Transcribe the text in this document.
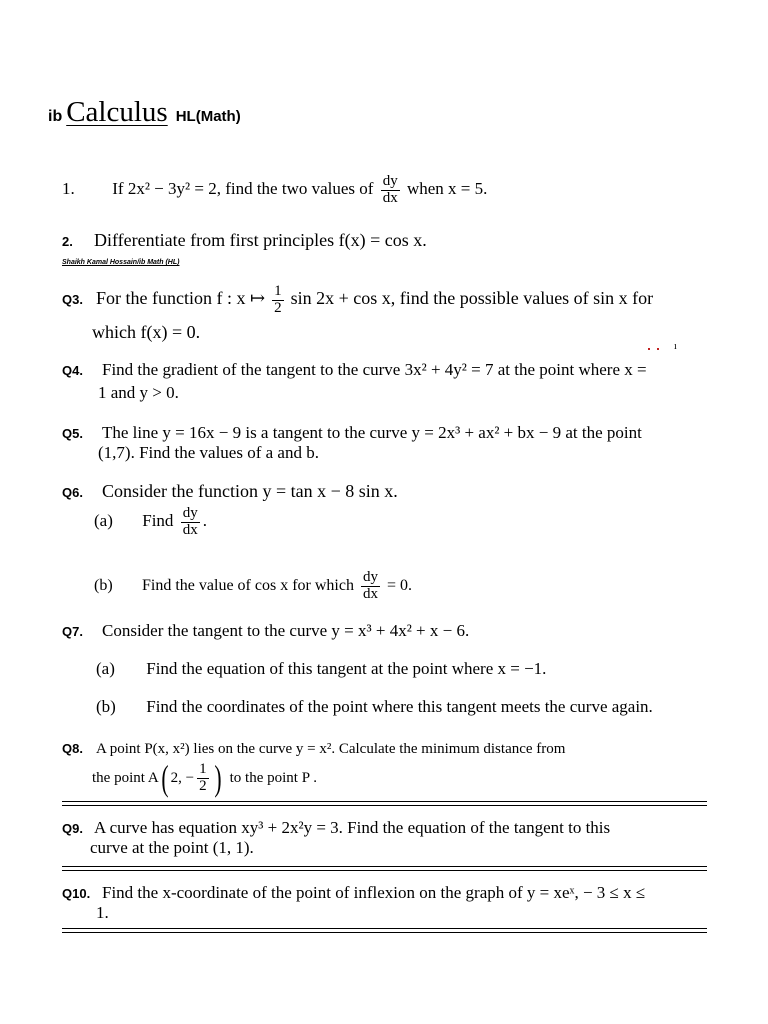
ib Calculus HL(Math)
1. If 2x² − 3y² = 2, find the two values of $\frac{dy}{dx}$ when x = 5.
2. Differentiate from first principles f(x) = cos x.
Shaikh Kamal Hossain/ib Math (HL)
Q3. For the function f : x ↦ $\frac{1}{2}$ sin 2x + cos x, find the possible values of sin x for
which f(x) = 0.
ı
Q4. Find the gradient of the tangent to the curve 3x² + 4y² = 7 at the point where x =
1 and y > 0.
Q5. The line y = 16x − 9 is a tangent to the curve y = 2x³ + ax² + bx − 9 at the point
(1,7). Find the values of a and b.
Q6. Consider the function y = tan x − 8 sin x.
(a) Find $\frac{dy}{dx}$ .
(b) Find the value of cos x for which $\frac{dy}{dx} = 0$.
Q7. Consider the tangent to the curve y = x³ + 4x² + x − 6.
(a) Find the equation of this tangent at the point where x = −1.
(b) Find the coordinates of the point where this tangent meets the curve again.
Q8. A point P(x, x²) lies on the curve y = x². Calculate the minimum distance from
the point A ( 2, − $\frac{1}{2}$ ) to the point P .
Q9. A curve has equation xy³ + 2x²y = 3. Find the equation of the tangent to this
curve at the point (1, 1).
Q10. Find the x-coordinate of the point of inflexion on the graph of y = xeˣ, − 3 ≤ x ≤
1.
